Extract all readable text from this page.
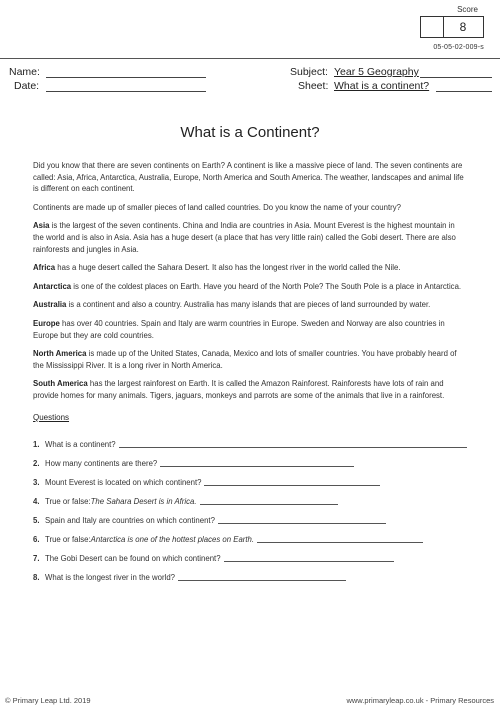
Score
8
05-05-02-009-s
Name:
Date:
Subject: Year 5 Geography
Sheet: What is a continent?
What is a Continent?

Did you know that there are seven continents on Earth? A continent is like a massive piece of land. The seven continents are called: Asia, Africa, Antarctica, Australia, Europe, North America and South America. The weather, landscapes and animal life is different on each continent.

Continents are made up of smaller pieces of land called countries. Do you know the name of your country?

Asia is the largest of the seven continents. China and India are countries in Asia. Mount Everest is the highest mountain in the world and is also in Asia. Asia has a huge desert (a place that has very little rain) called the Gobi desert. There are also rainforests and jungles in Asia.

Africa has a huge desert called the Sahara Desert. It also has the longest river in the world called the Nile.

Antarctica is one of the coldest places on Earth. Have you heard of the North Pole? The South Pole is a place in Antarctica.

Australia is a continent and also a country. Australia has many islands that are pieces of land surrounded by water.

Europe has over 40 countries. Spain and Italy are warm countries in Europe. Sweden and Norway are also countries in Europe but they are cold countries.

North America is made up of the United States, Canada, Mexico and lots of smaller countries. You have probably heard of the Mississippi River. It is a long river in North America.

South America has the largest rainforest on Earth. It is called the Amazon Rainforest. Rainforests have lots of rain and provide homes for many animals. Tigers, jaguars, monkeys and parrots are some of the animals that live in a rainforest.

Questions
1. What is a continent?
2. How many continents are there?
3. Mount Everest is located on which continent?
4. True or false: The Sahara Desert is in Africa.
5. Spain and Italy are countries on which continent?
6. True or false: Antarctica is one of the hottest places on Earth.
7. The Gobi Desert can be found on which continent?
8. What is the longest river in the world?
© Primary Leap Ltd. 2019	www.primaryleap.co.uk - Primary Resources
